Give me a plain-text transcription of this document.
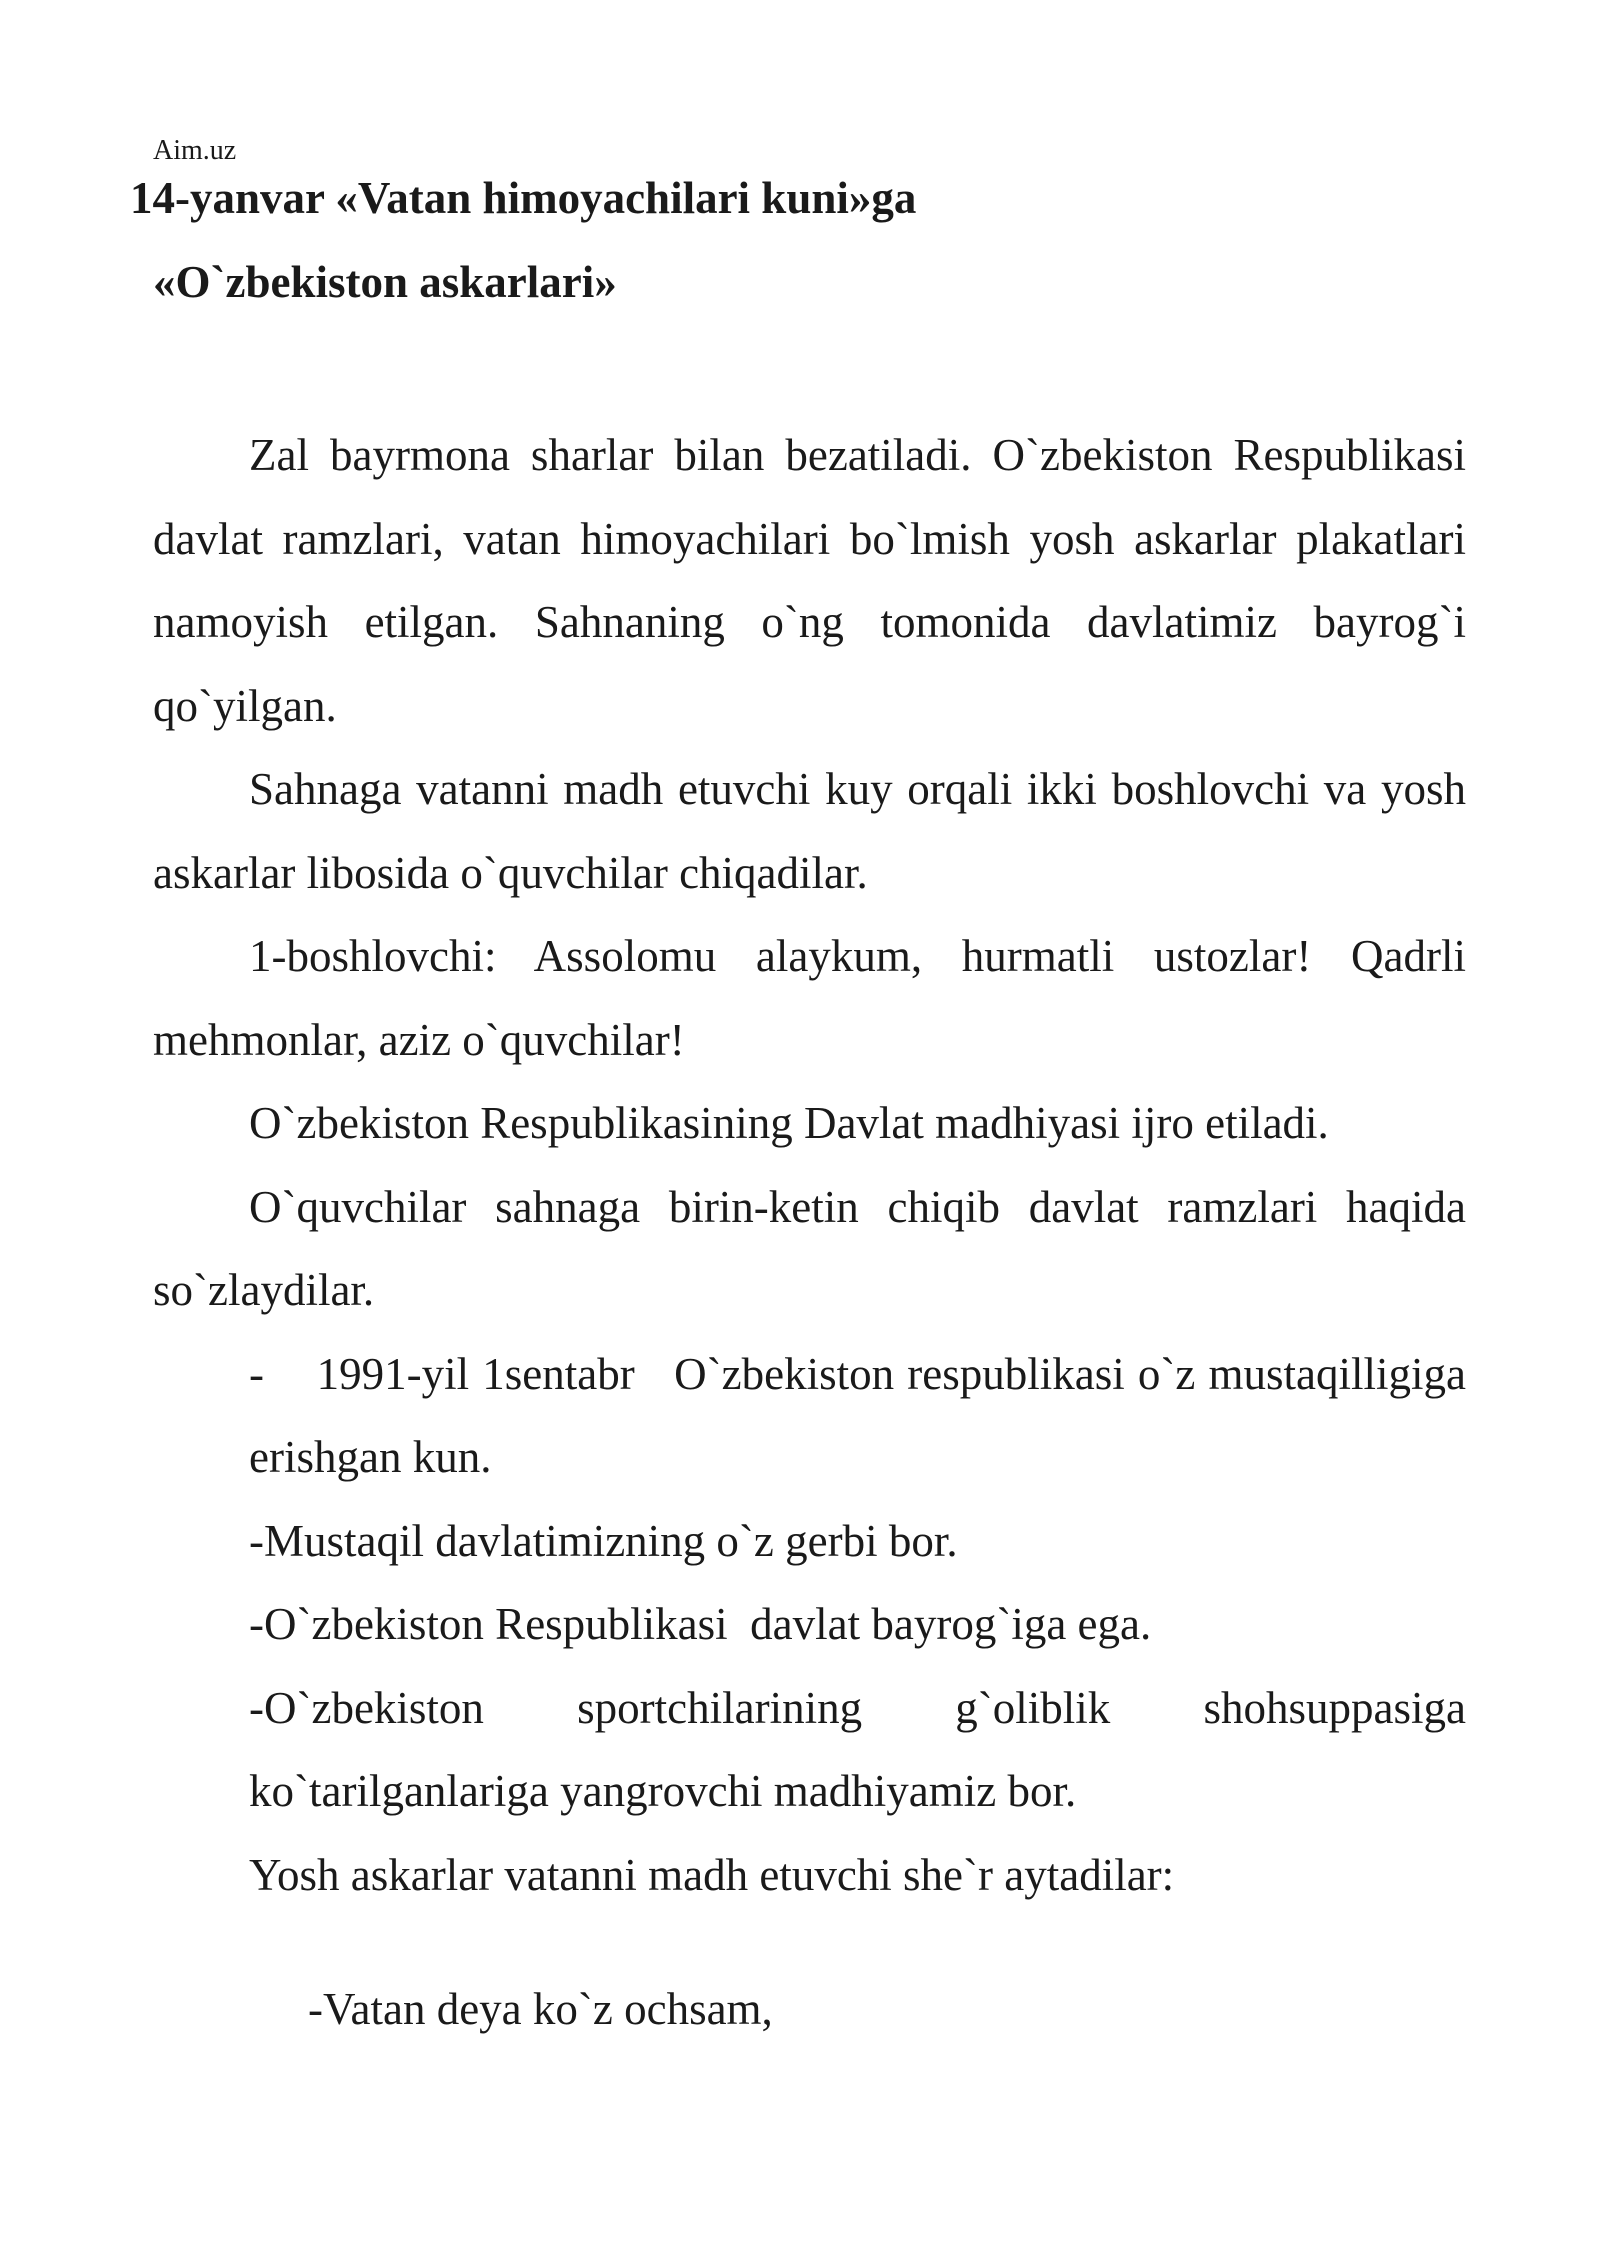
Aim.uz
14-yanvar «Vatan himoyachilari kuni»ga
«O`zbekiston askarlari»

Zal bayrmona sharlar bilan bezatiladi. O`zbekiston Respublikasi davlat ramzlari, vatan himoyachilari bo`lmish yosh askarlar plakatlari namoyish etilgan. Sahnaning o`ng tomonida davlatimiz bayrog`i qo`yilgan.

Sahnaga vatanni madh etuvchi kuy orqali ikki boshlovchi va yosh askarlar libosida o`quvchilar chiqadilar.

1-boshlovchi: Assolomu alaykum, hurmatli ustozlar! Qadrli mehmonlar, aziz o`quvchilar!

O`zbekiston Respublikasining Davlat madhiyasi ijro etiladi.

O`quvchilar sahnaga birin-ketin chiqib davlat ramzlari haqida so`zlaydilar.

-    1991-yil 1sentabr   O`zbekiston respublikasi o`z mustaqilligiga erishgan kun.

-Mustaqil davlatimizning o`z gerbi bor.

-O`zbekiston Respublikasi  davlat bayrog`iga ega.

-O`zbekiston sportchilarining g`oliblik shohsuppasiga ko`tarilganlariga yangrovchi madhiyamiz bor.

Yosh askarlar vatanni madh etuvchi she`r aytadilar:

-Vatan deya ko`z ochsam,
